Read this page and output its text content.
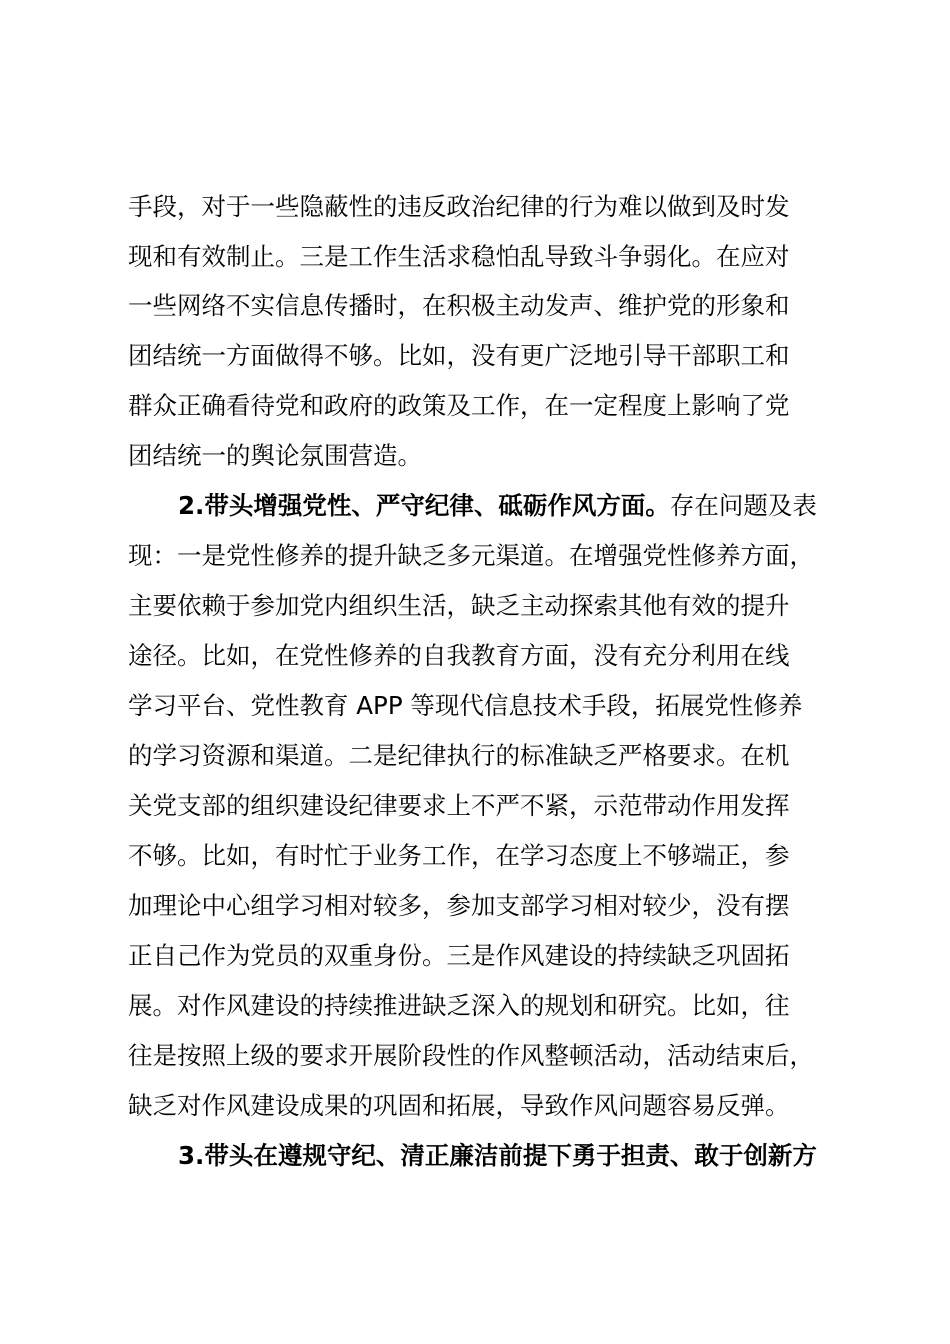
手段，对于一些隐蔽性的违反政治纪律的行为难以做到及时发
现和有效制止。三是工作生活求稳怕乱导致斗争弱化。在应对
一些网络不实信息传播时，在积极主动发声、维护党的形象和
团结统一方面做得不够。比如，没有更广泛地引导干部职工和
群众正确看待党和政府的政策及工作，在一定程度上影响了党
团结统一的舆论氛围营造。
2.带头增强党性、严守纪律、砥砺作风方面。存在问题及表
现：一是党性修养的提升缺乏多元渠道。在增强党性修养方面，
主要依赖于参加党内组织生活，缺乏主动探索其他有效的提升
途径。比如，在党性修养的自我教育方面，没有充分利用在线
学习平台、党性教育 APP 等现代信息技术手段，拓展党性修养
的学习资源和渠道。二是纪律执行的标准缺乏严格要求。在机
关党支部的组织建设纪律要求上不严不紧，示范带动作用发挥
不够。比如，有时忙于业务工作，在学习态度上不够端正，参
加理论中心组学习相对较多，参加支部学习相对较少，没有摆
正自己作为党员的双重身份。三是作风建设的持续缺乏巩固拓
展。对作风建设的持续推进缺乏深入的规划和研究。比如，往
往是按照上级的要求开展阶段性的作风整顿活动，活动结束后，
缺乏对作风建设成果的巩固和拓展，导致作风问题容易反弹。
3.带头在遵规守纪、清正廉洁前提下勇于担责、敢于创新方
